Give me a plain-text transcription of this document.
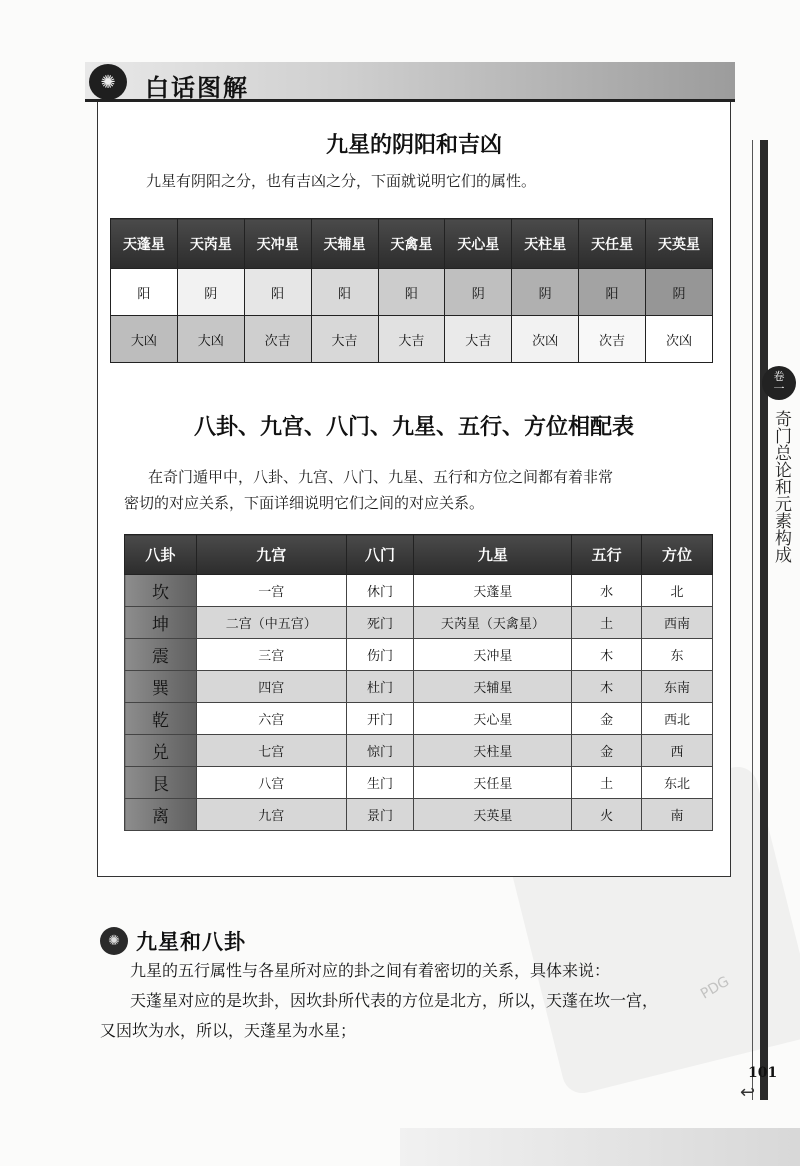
PDG
卷
一
奇门总论和元素构成
✺	白话图解
九星的阴阳和吉凶
九星有阴阳之分，也有吉凶之分，下面就说明它们的属性。
天蓬星	天芮星	天冲星	天辅星	天禽星	天心星	天柱星	天任星	天英星
阳	阴	阳	阳	阳	阴	阴	阳	阴
大凶	大凶	次吉	大吉	大吉	大吉	次凶	次吉	次凶
八卦、九宫、八门、九星、五行、方位相配表
在奇门遁甲中，八卦、九宫、八门、九星、五行和方位之间都有着非常
密切的对应关系，下面详细说明它们之间的对应关系。
八卦	九宫	八门	九星	五行	方位
坎	一宫	休门	天蓬星	水	北
坤	二宫（中五宫）	死门	天芮星（天禽星）	土	西南
震	三宫	伤门	天冲星	木	东
巽	四宫	杜门	天辅星	木	东南
乾	六宫	开门	天心星	金	西北
兑	七宫	惊门	天柱星	金	西
艮	八宫	生门	天任星	土	东北
离	九宫	景门	天英星	火	南
✺ 九星和八卦
九星的五行属性与各星所对应的卦之间有着密切的关系，具体来说：
天蓬星对应的是坎卦，因坎卦所代表的方位是北方，所以，天蓬在坎一宫，
又因坎为水，所以，天蓬星为水星；
101
↩
